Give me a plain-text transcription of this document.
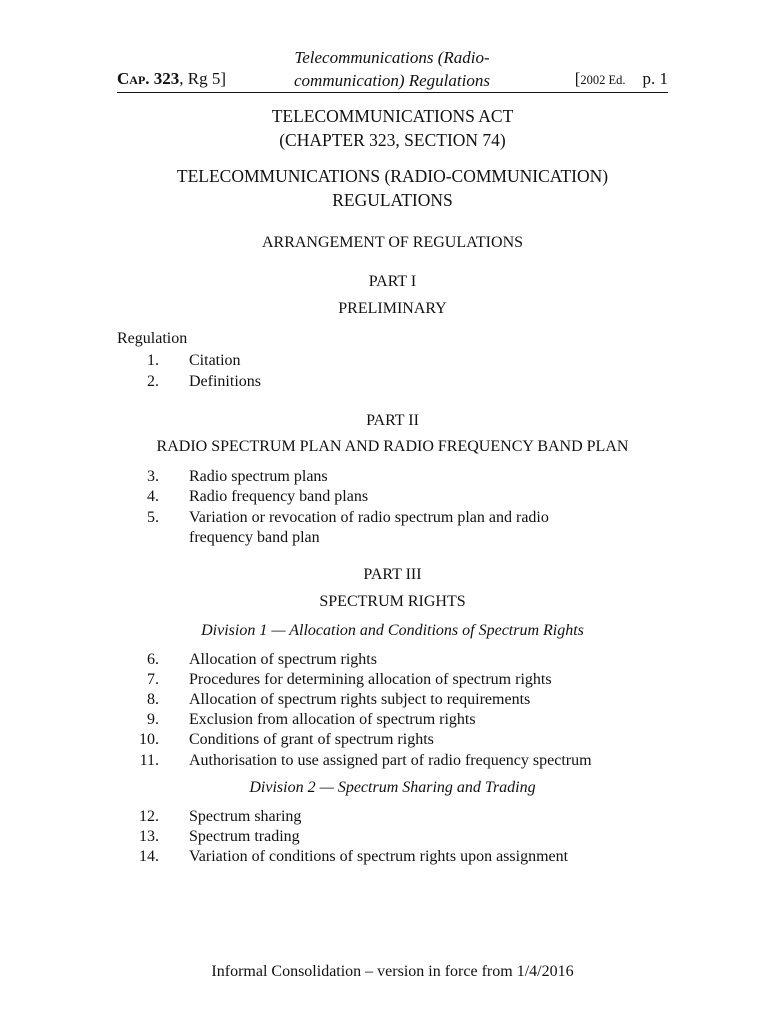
Cap. 323, Rg 5]
Telecommunications (Radio-
communication) Regulations	[2002 Ed. p. 1
TELECOMMUNICATIONS ACT
(CHAPTER 323, SECTION 74)
TELECOMMUNICATIONS (RADIO-COMMUNICATION)
REGULATIONS
ARRANGEMENT OF REGULATIONS
PART I
PRELIMINARY
Regulation
1. Citation
2. Definitions
PART II
RADIO SPECTRUM PLAN AND RADIO FREQUENCY BAND PLAN
3. Radio spectrum plans
4. Radio frequency band plans
5. Variation or revocation of radio spectrum plan and radio frequency band plan
PART III
SPECTRUM RIGHTS
Division 1 — Allocation and Conditions of Spectrum Rights
6. Allocation of spectrum rights
7. Procedures for determining allocation of spectrum rights
8. Allocation of spectrum rights subject to requirements
9. Exclusion from allocation of spectrum rights
10. Conditions of grant of spectrum rights
11. Authorisation to use assigned part of radio frequency spectrum
Division 2 — Spectrum Sharing and Trading
12. Spectrum sharing
13. Spectrum trading
14. Variation of conditions of spectrum rights upon assignment
Informal Consolidation – version in force from 1/4/2016
